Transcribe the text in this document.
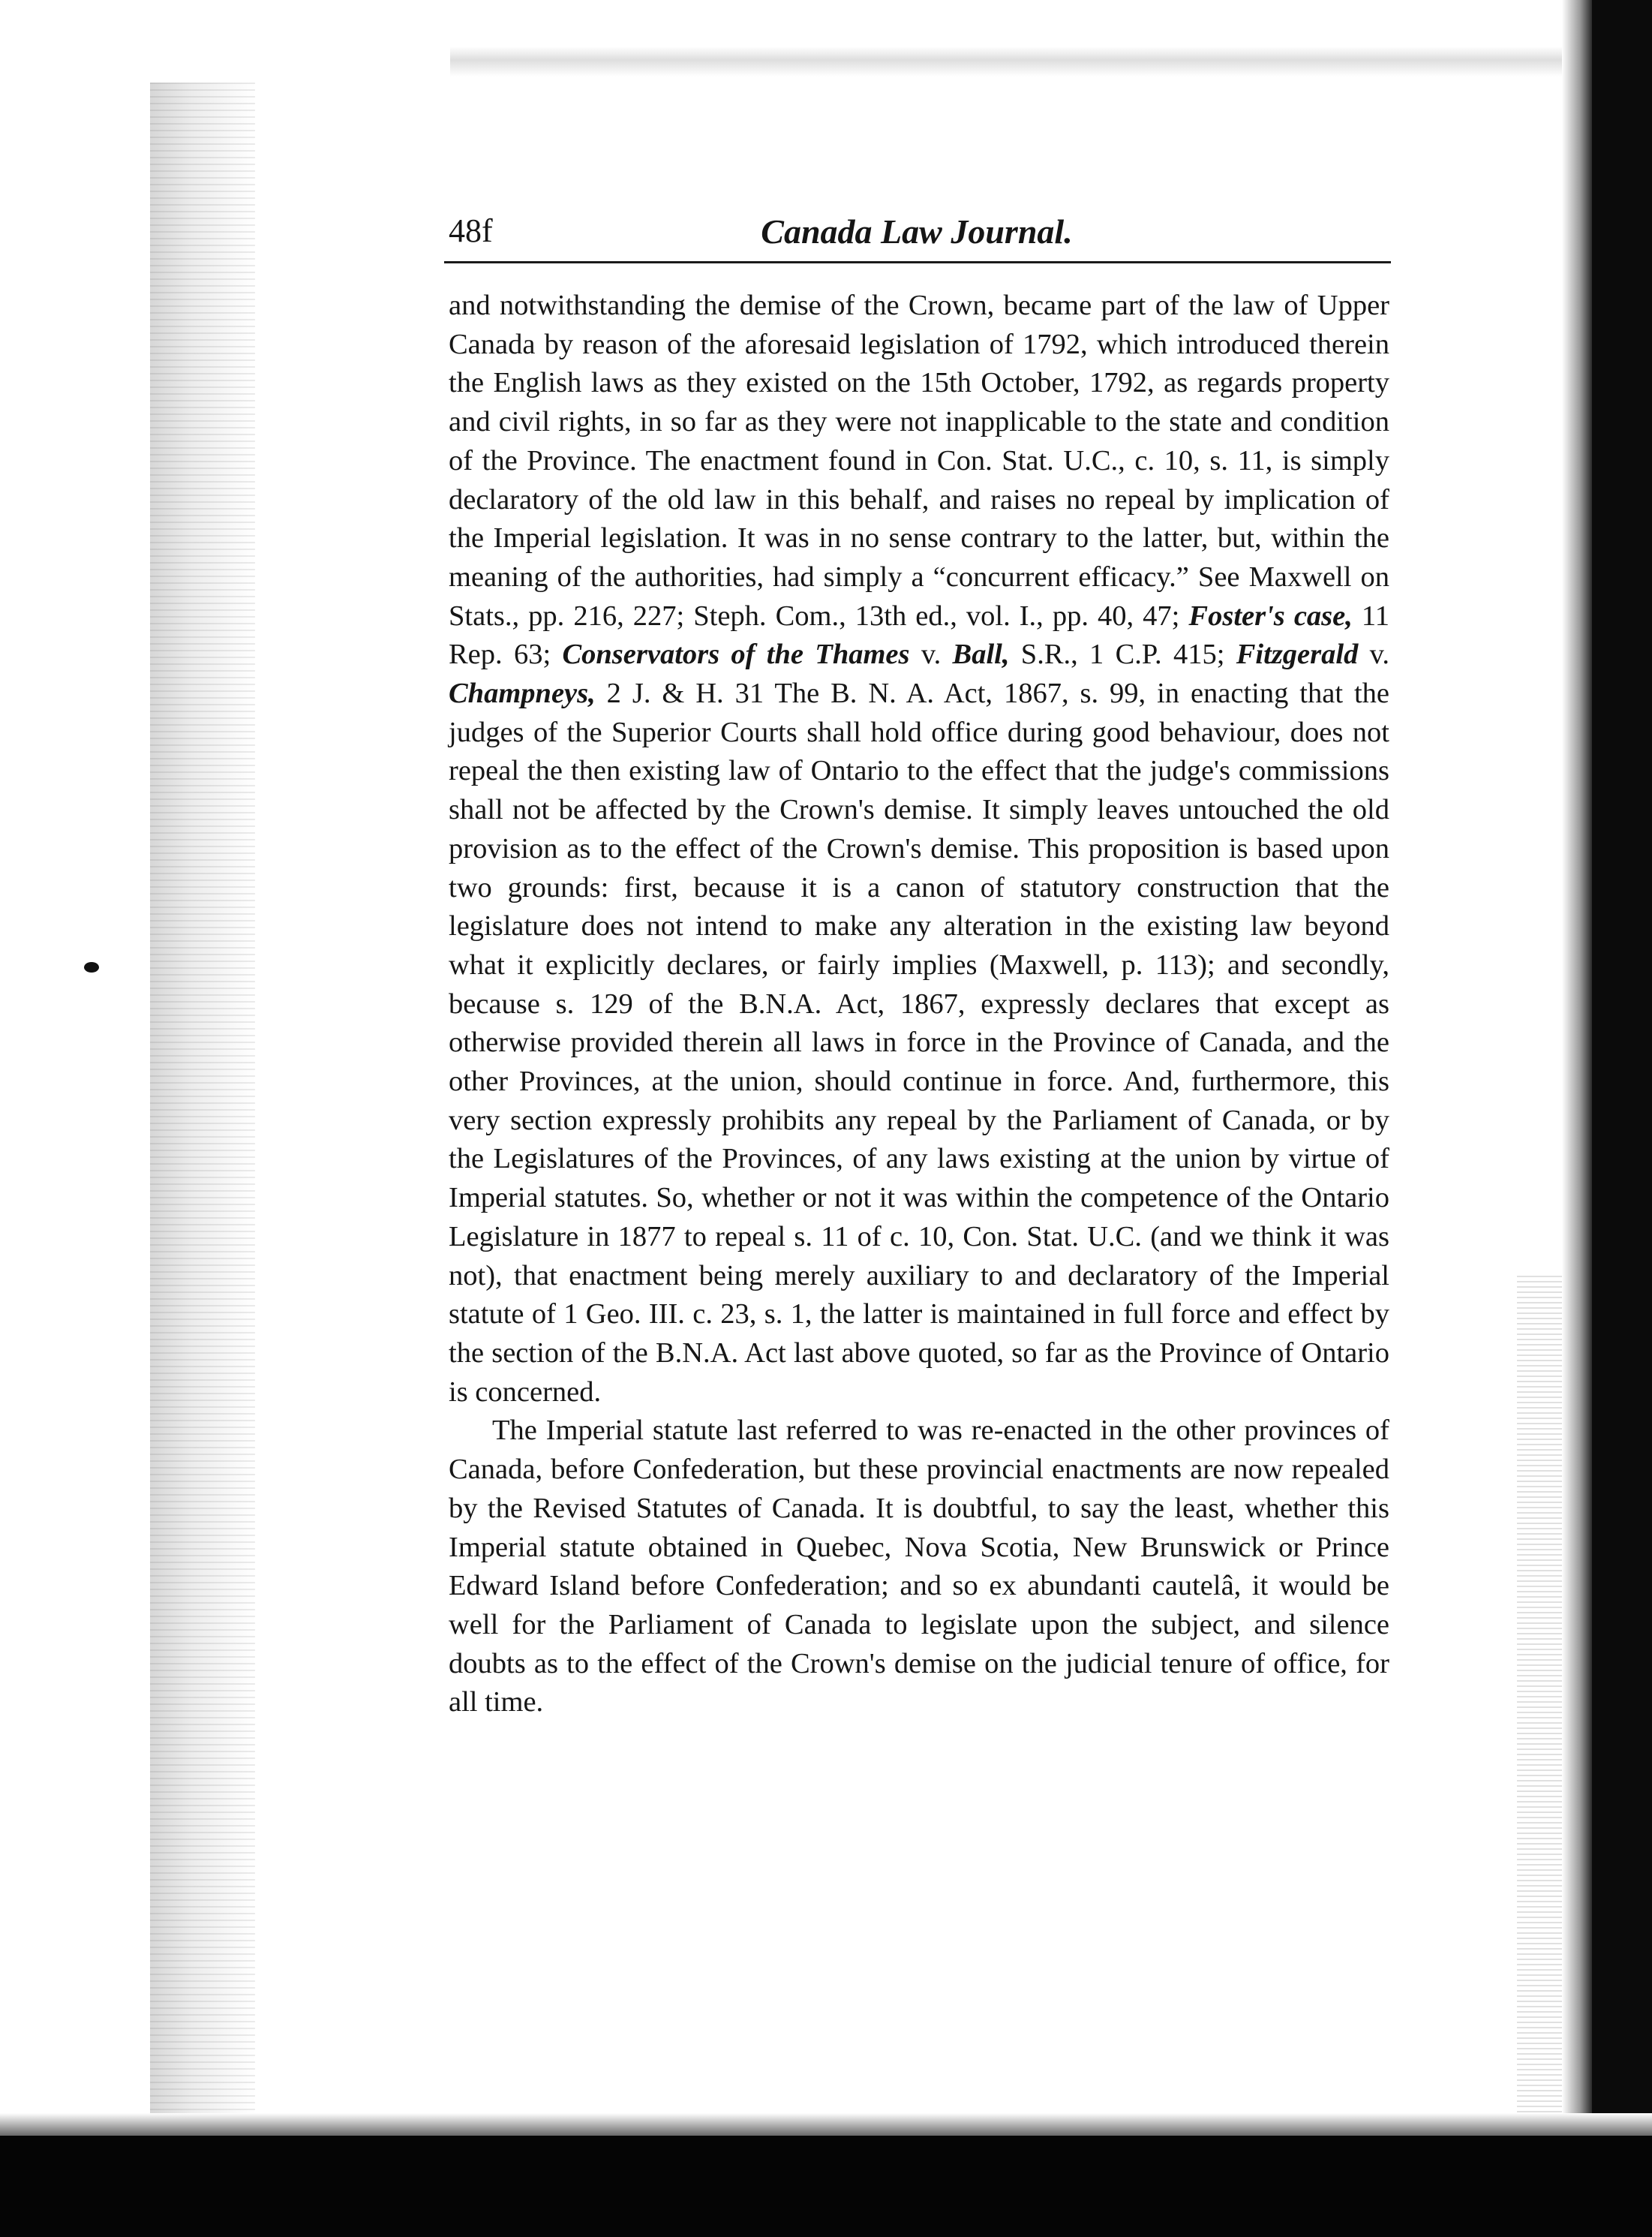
48f	Canada Law Journal.

and notwithstanding the demise of the Crown, became part of the law of Upper Canada by reason of the aforesaid legislation of 1792, which introduced therein the English laws as they existed on the 15th October, 1792, as regards property and civil rights, in so far as they were not inapplicable to the state and condition of the Province. The enactment found in Con. Stat. U.C., c. 10, s. 11, is simply declaratory of the old law in this behalf, and raises no repeal by implication of the Imperial legislation. It was in no sense contrary to the latter, but, within the meaning of the authorities, had simply a “concurrent efficacy.” See Maxwell on Stats., pp. 216, 227; Steph. Com., 13th ed., vol. I., pp. 40, 47; Foster's case, 11 Rep. 63; Conservators of the Thames v. Ball, S.R., 1 C.P. 415; Fitzgerald v. Champneys, 2 J. & H. 31 The B. N. A. Act, 1867, s. 99, in enacting that the judges of the Superior Courts shall hold office during good behaviour, does not repeal the then existing law of Ontario to the effect that the judge's commissions shall not be affected by the Crown's demise. It simply leaves untouched the old provision as to the effect of the Crown's demise. This proposition is based upon two grounds: first, because it is a canon of statutory construction that the legislature does not intend to make any alteration in the existing law beyond what it explicitly declares, or fairly implies (Maxwell, p. 113); and secondly, because s. 129 of the B.N.A. Act, 1867, expressly declares that except as otherwise provided therein all laws in force in the Province of Canada, and the other Provinces, at the union, should continue in force. And, furthermore, this very section expressly prohibits any repeal by the Parliament of Canada, or by the Legislatures of the Provinces, of any laws existing at the union by virtue of Imperial statutes. So, whether or not it was within the competence of the Ontario Legislature in 1877 to repeal s. 11 of c. 10, Con. Stat. U.C. (and we think it was not), that enactment being merely auxiliary to and declaratory of the Imperial statute of 1 Geo. III. c. 23, s. 1, the latter is maintained in full force and effect by the section of the B.N.A. Act last above quoted, so far as the Province of Ontario is concerned.

The Imperial statute last referred to was re-enacted in the other provinces of Canada, before Confederation, but these provincial enactments are now repealed by the Revised Statutes of Canada. It is doubtful, to say the least, whether this Imperial statute obtained in Quebec, Nova Scotia, New Brunswick or Prince Edward Island before Confederation; and so ex abundanti cautelâ, it would be well for the Parliament of Canada to legislate upon the subject, and silence doubts as to the effect of the Crown's demise on the judicial tenure of office, for all time.
